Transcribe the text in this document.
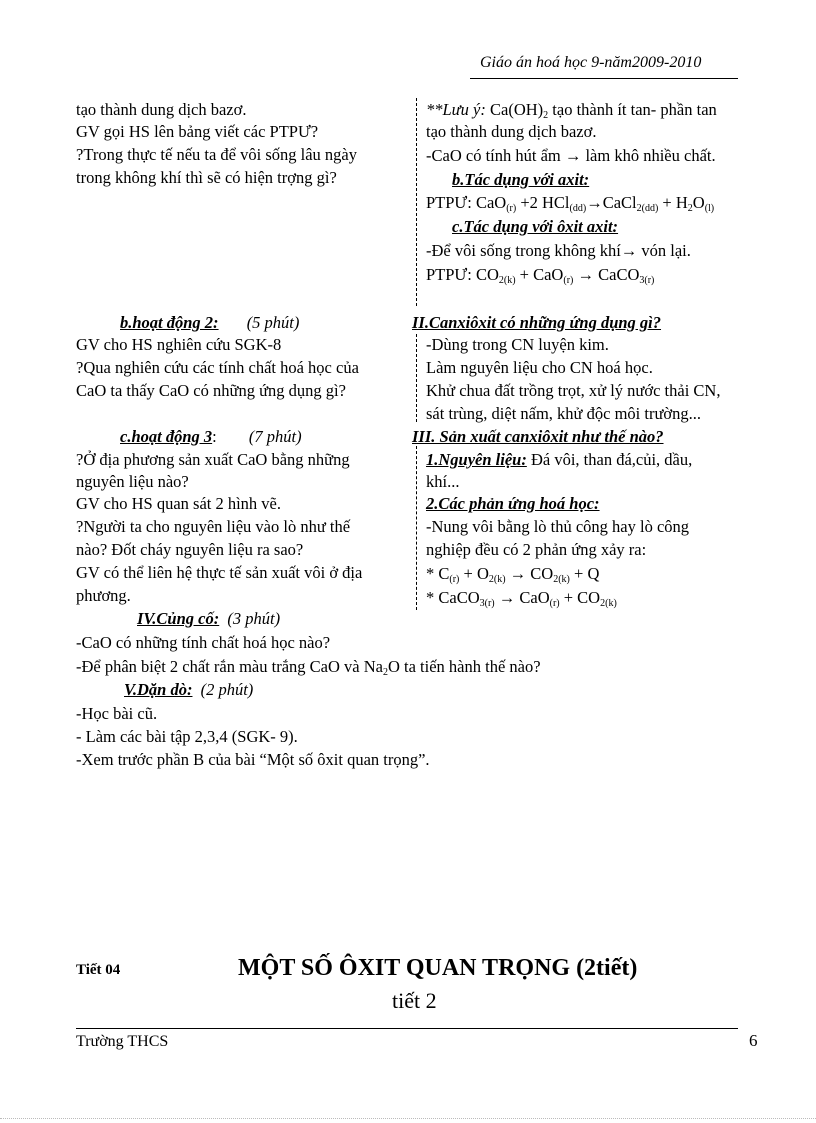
Giáo án hoá học 9-năm2009-2010
tạo thành dung dịch bazơ.
GV gọi HS lên bảng viết các PTPƯ?
?Trong thực tế nếu ta để vôi sống lâu ngày
trong không khí thì sẽ có hiện trợng gì?
**Lưu ý: $Ca(OH)_2$ tạo thành ít tan- phần tan
tạo thành dung dịch bazơ.
-CaO có tính hút ẩm → làm khô nhiều chất.
b.Tác dụng với axit:
PTPƯ: CaO$_{(r)}$ +2 HCl$_{(dd)}$→CaCl$_{2(dd)}$ + $H_2O_{(l)}$
c.Tác dụng với ôxit axit:
-Để vôi sống trong không khí→ vón lại.
PTPƯ: $CO_{2(k)} + CaO_{(r)}$ → CaCO$_{3(r)}$
b.hoạt động 2: (5 phút)	II.Canxiôxit có những ứng dụng gì?
GV cho HS nghiên cứu SGK-8
?Qua nghiên cứu các tính chất hoá học của
CaO ta thấy CaO có những ứng dụng gì?
-Dùng trong CN luyện kim.
Làm nguyên liệu cho CN hoá học.
Khử chua đất trồng trọt, xử lý nước thải CN,
sát trùng, diệt nấm, khử độc môi trường...
c.hoạt động 3: (7 phút)	III. Sản xuất canxiôxit như thế nào?
?Ở địa phương sản xuất CaO bằng những
nguyên liệu nào?
GV cho HS quan sát 2 hình vẽ.
?Người ta cho nguyên liệu vào lò như thế
nào? Đốt cháy nguyên liệu ra sao?
GV có thể liên hệ thực tế sản xuất vôi ở địa
phương.
1.Nguyên liệu: Đá vôi, than đá,củi, dầu,
khí...
2.Các phản ứng hoá học:
-Nung vôi bằng lò thủ công hay lò công
nghiệp đều có 2 phản ứng xảy ra:
* $C_{(r)} + O_{2(k)} \to CO_{2(k)} + Q$
* CaCO$_{3(r)}$ → $CaO_{(r)} + CO_{2(k)}$
IV.Củng cố: (3 phút)
-CaO có những tính chất hoá học nào?
-Để phân biệt 2 chất rắn màu trắng CaO và $Na_2O$ ta tiến hành thế nào?
V.Dặn dò: (2 phút)
-Học bài cũ.
- Làm các bài tập 2,3,4 (SGK- 9).
-Xem trước phần B của bài “Một số ôxit quan trọng”.
Tiết 04	MỘT SỐ ÔXIT QUAN TRỌNG (2tiết)
tiết 2
Trường THCS	6
